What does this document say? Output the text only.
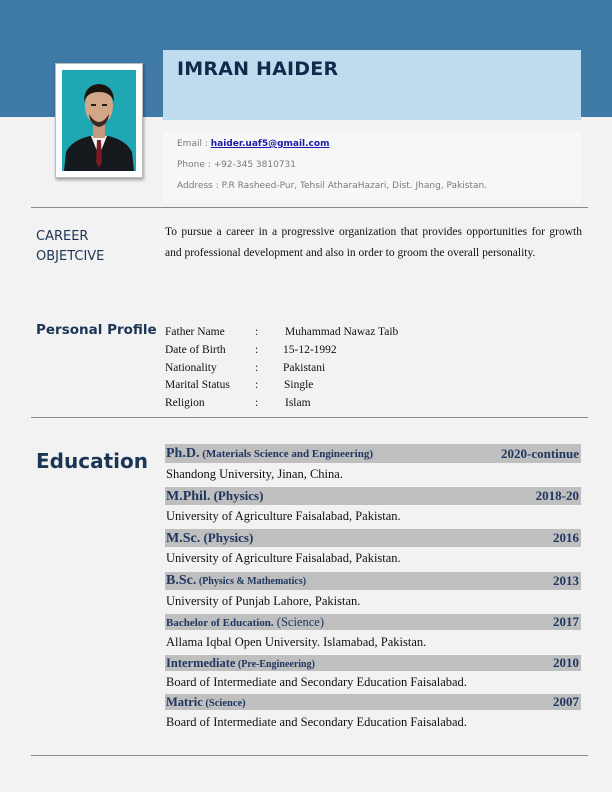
IMRAN HAIDER
Email : haider.uaf5@gmail.com
Phone : +92-345 3810731
Address : P.R Rasheed-Pur, Tehsil AtharaHazari, Dist. Jhang, Pakistan.
CAREER
OBJETCIVE
To pursue a career in a progressive organization that provides opportunities for growth and professional development and also in order to groom the overall personality.
Personal Profile Father Name	: Muhammad Nawaz Taib
Date of Birth	: 15-12-1992
Nationality	: Pakistani
Marital Status : Single
Religion	: Islam
Education Ph.D. (Materials Science and Engineering)	2020-continue
Shandong University, Jinan, China.
M.Phil. (Physics)	2018-20
University of Agriculture Faisalabad, Pakistan.
M.Sc. (Physics)	2016
University of Agriculture Faisalabad, Pakistan.
B.Sc. (Physics & Mathematics)	2013
University of Punjab Lahore, Pakistan.
Bachelor of Education. (Science)	2017
Allama Iqbal Open University. Islamabad, Pakistan.
Intermediate (Pre-Engineering)	2010
Board of Intermediate and Secondary Education Faisalabad.
Matric (Science)	2007
Board of Intermediate and Secondary Education Faisalabad.
